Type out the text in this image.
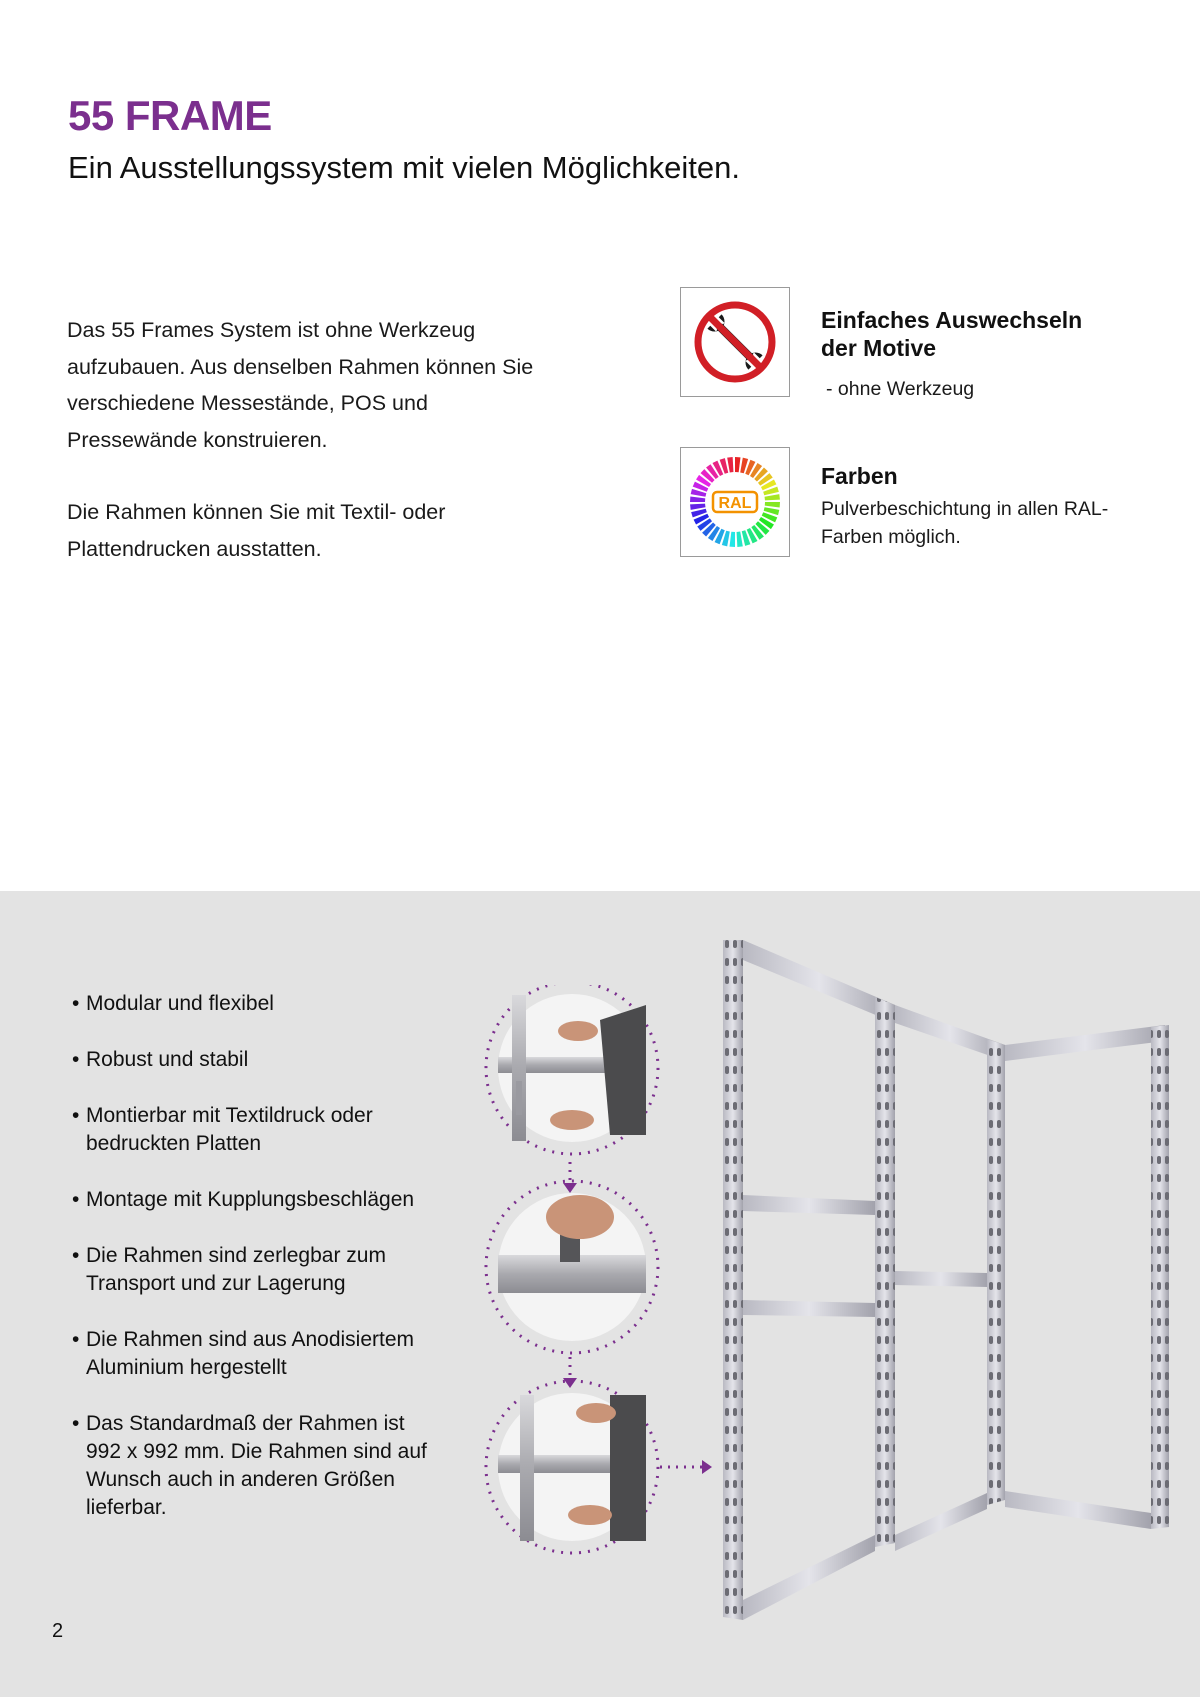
55 FRAME
Ein Ausstellungssystem mit vielen Möglichkeiten.

Das 55 Frames System ist ohne Werkzeug aufzubauen. Aus denselben Rahmen können Sie verschiedene Messestände, POS und Pressewände konstruieren.

Die Rahmen können Sie mit Textil- oder Plattendrucken ausstatten.

Einfaches Auswechseln
der Motive

- ohne Werkzeug

RAL
Farben

Pulverbeschichtung in allen RAL-
Farben möglich.

• Modular und flexibel
• Robust und stabil
• Montierbar mit Textildruck oder
bedruckten Platten
• Montage mit Kupplungsbeschlägen
• Die Rahmen sind zerlegbar zum
Transport und zur Lagerung
• Die Rahmen sind aus Anodisiertem
Aluminium hergestellt
• Das Standardmaß der Rahmen ist
992 x 992 mm. Die Rahmen sind auf
Wunsch auch in anderen Größen
lieferbar.
2
